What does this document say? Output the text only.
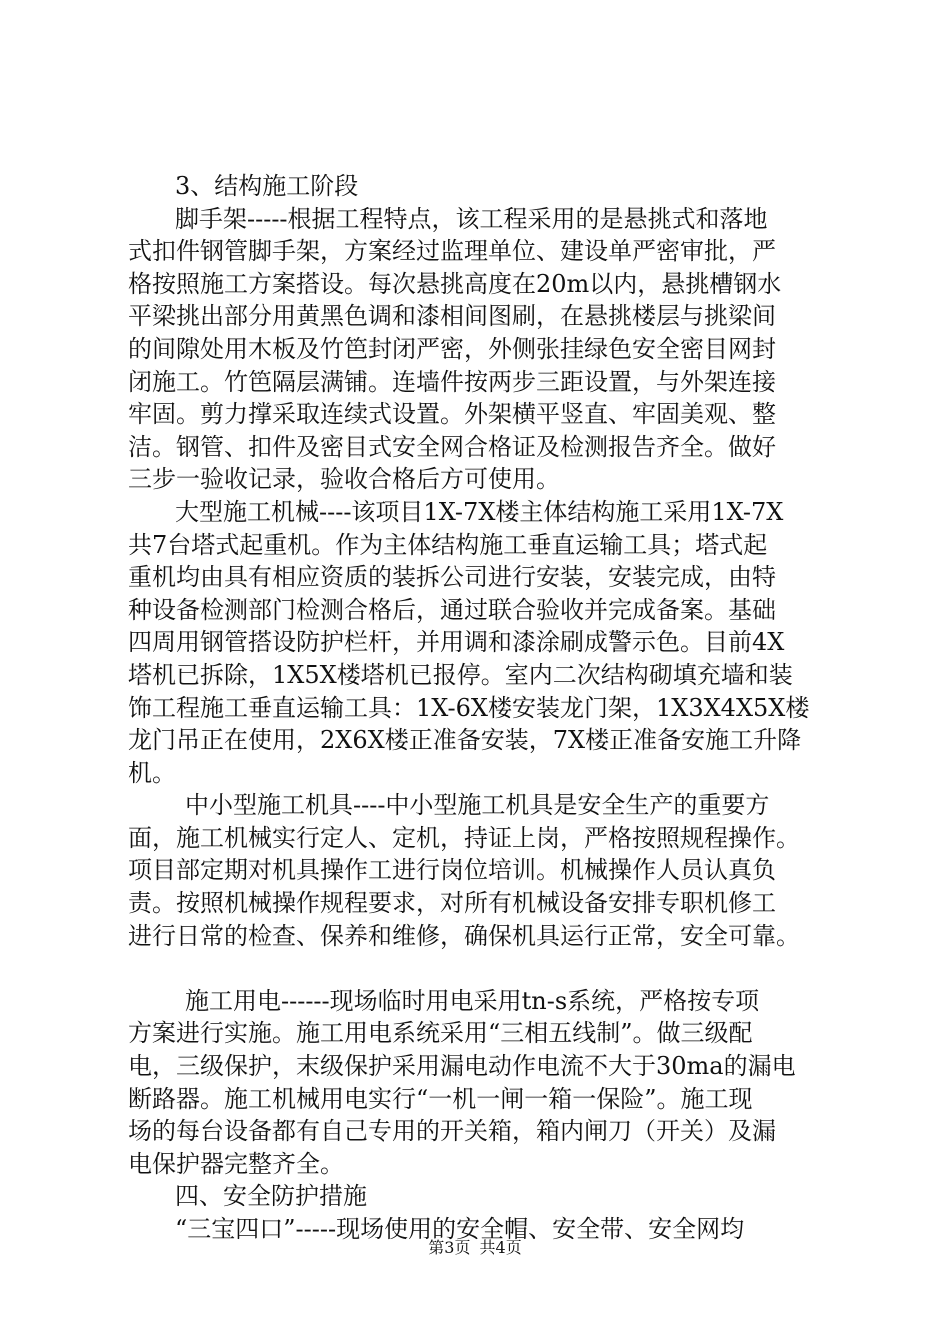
3、结构施工阶段
脚手架-----根据工程特点，该工程采用的是悬挑式和落地
式扣件钢管脚手架，方案经过监理单位、建设单严密审批，严
格按照施工方案搭设。每次悬挑高度在20m以内，悬挑槽钢水
平梁挑出部分用黄黑色调和漆相间图刷，在悬挑楼层与挑梁间
的间隙处用木板及竹笆封闭严密，外侧张挂绿色安全密目网封
闭施工。竹笆隔层满铺。连墙件按两步三距设置，与外架连接
牢固。剪力撑采取连续式设置。外架横平竖直、牢固美观、整
洁。钢管、扣件及密目式安全网合格证及检测报告齐全。做好
三步一验收记录，验收合格后方可使用。
大型施工机械----该项目1X-7X楼主体结构施工采用1X-7X
共7台塔式起重机。作为主体结构施工垂直运输工具；塔式起
重机均由具有相应资质的装拆公司进行安装，安装完成，由特
种设备检测部门检测合格后，通过联合验收并完成备案。基础
四周用钢管搭设防护栏杆，并用调和漆涂刷成警示色。目前4X
塔机已拆除，1X5X楼塔机已报停。室内二次结构砌填充墙和装
饰工程施工垂直运输工具：1X-6X楼安装龙门架，1X3X4X5X楼
龙门吊正在使用，2X6X楼正准备安装，7X楼正准备安施工升降
机。
中小型施工机具----中小型施工机具是安全生产的重要方
面，施工机械实行定人、定机，持证上岗，严格按照规程操作。
项目部定期对机具操作工进行岗位培训。机械操作人员认真负
责。按照机械操作规程要求，对所有机械设备安排专职机修工
进行日常的检查、保养和维修，确保机具运行正常，安全可靠。
施工用电------现场临时用电采用tn-s系统，严格按专项
方案进行实施。施工用电系统采用“三相五线制”。做三级配
电，三级保护，末级保护采用漏电动作电流不大于30ma的漏电
断路器。施工机械用电实行“一机一闸一箱一保险”。施工现
场的每台设备都有自己专用的开关箱，箱内闸刀（开关）及漏
电保护器完整齐全。
四、安全防护措施
“三宝四口”-----现场使用的安全帽、安全带、安全网均
第3页 共4页
